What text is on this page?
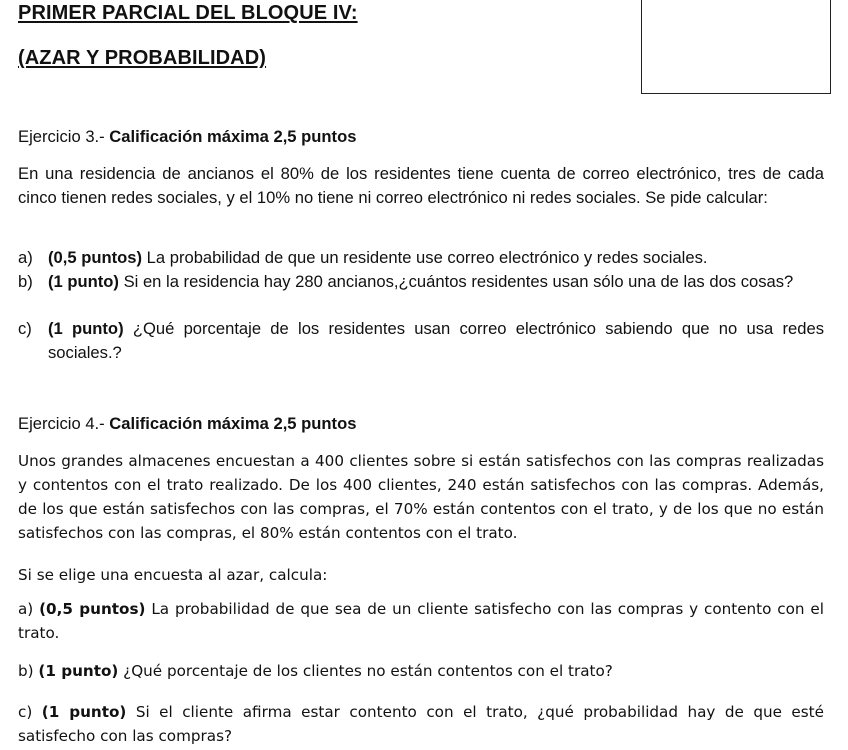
PRIMER PARCIAL DEL BLOQUE IV:
(AZAR Y PROBABILIDAD)
Ejercicio 3.- Calificación máxima 2,5 puntos
En una residencia de ancianos el 80% de los residentes tiene cuenta de correo electrónico, tres de cada cinco tienen redes sociales, y el 10% no tiene ni correo electrónico ni redes sociales. Se pide calcular:
a) (0,5 puntos) La probabilidad de que un residente use correo electrónico y redes sociales.
b) (1 punto) Si en la residencia hay 280 ancianos,¿cuántos residentes usan sólo una de las dos cosas?
c) (1 punto) ¿Qué porcentaje de los residentes usan correo electrónico sabiendo que no usa redes sociales.?
Ejercicio 4.- Calificación máxima 2,5 puntos
Unos grandes almacenes encuestan a 400 clientes sobre si están satisfechos con las compras realizadas y contentos con el trato realizado. De los 400 clientes, 240 están satisfechos con las compras. Además, de los que están satisfechos con las compras, el 70% están contentos con el trato, y de los que no están satisfechos con las compras, el 80% están contentos con el trato.
Si se elige una encuesta al azar, calcula:
a) (0,5 puntos) La probabilidad de que sea de un cliente satisfecho con las compras y contento con el trato.
b) (1 punto) ¿Qué porcentaje de los clientes no están contentos con el trato?
c) (1 punto) Si el cliente afirma estar contento con el trato, ¿qué probabilidad hay de que esté satisfecho con las compras?
